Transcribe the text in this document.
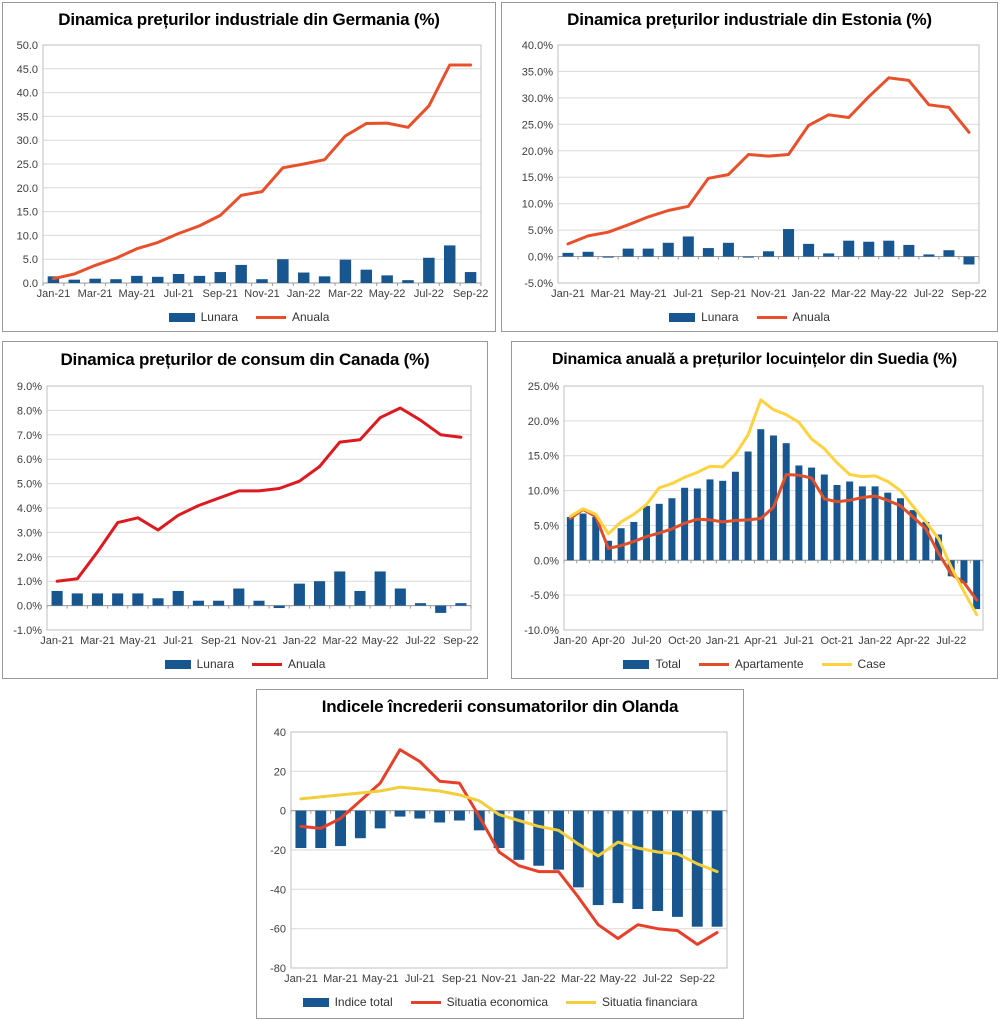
Dinamica prețurilor industriale din Germania (%)
50.0
45.0
40.0
35.0
30.0
25.0
20.0
15.0
10.0
5.0
0.0
Jan-21 Mar-21 May-21 Jul-21 Sep-21 Nov-21 Jan-22 Mar-22 May-22 Jul-22 Sep-22
Lunara	Anuala
Dinamica prețurilor industriale din Estonia (%)
40.0%
35.0%
30.0%
25.0%
20.0%
15.0%
10.0%
5.0%
0.0%
-5.0%
Jan-21 Mar-21 May-21 Jul-21 Sep-21 Nov-21 Jan-22 Mar-22 May-22 Jul-22 Sep-22
Lunara	Anuala
Dinamica prețurilor de consum din Canada (%)
9.0%
8.0%
7.0%
6.0%
5.0%
4.0%
3.0%
2.0%
1.0%
0.0%
-1.0%
Jan-21 Mar-21 May-21 Jul-21 Sep-21 Nov-21 Jan-22 Mar-22 May-22 Jul-22 Sep-22
Lunara	Anuala
Dinamica anuală a prețurilor locuințelor din Suedia (%)
25.0%
20.0%
15.0%
10.0%
5.0%
0.0%
-5.0%
-10.0%
Jan-20 Apr-20 Jul-20 Oct-20 Jan-21 Apr-21 Jul-21 Oct-21 Jan-22 Apr-22 Jul-22
Total	Apartamente	Case
Indicele încrederii consumatorilor din Olanda
40
20
0
-20
-40
-60
-80
Jan-21 Mar-21 May-21 Jul-21 Sep-21 Nov-21 Jan-22 Mar-22 May-22 Jul-22 Sep-22
Indice total	Situatia economica	Situatia financiara
